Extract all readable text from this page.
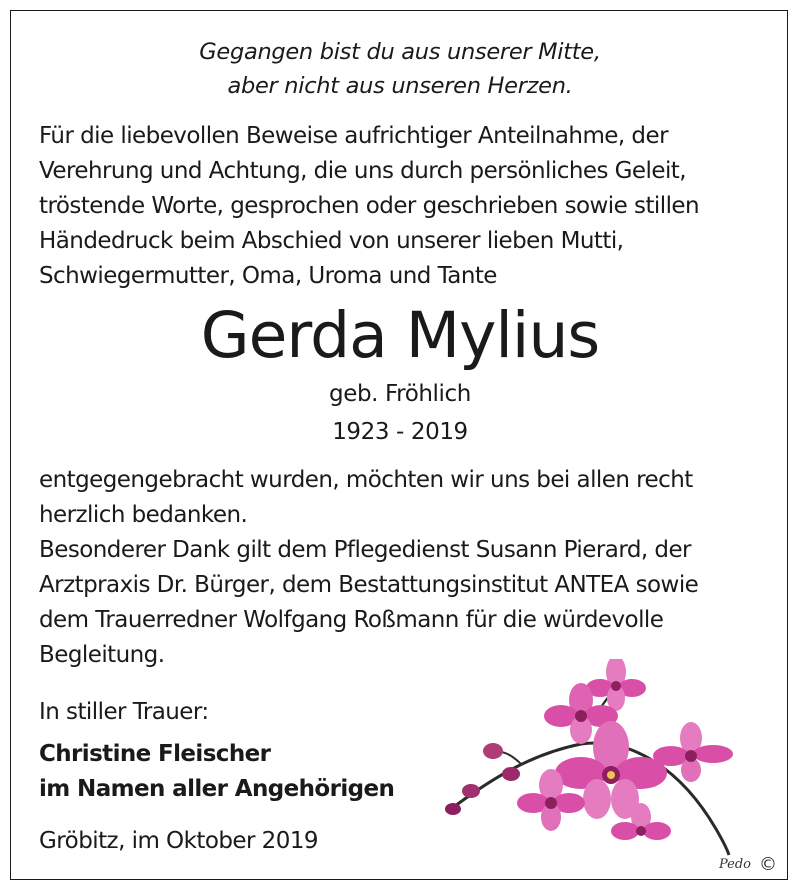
Gegangen bist du aus unserer Mitte,
aber nicht aus unseren Herzen.
Für die liebevollen Beweise aufrichtiger Anteilnahme, der
Verehrung und Achtung, die uns durch persönliches Geleit,
tröstende Worte, gesprochen oder geschrieben sowie stillen
Händedruck beim Abschied von unserer lieben Mutti,
Schwiegermutter, Oma, Uroma und Tante
Gerda Mylius
geb. Fröhlich
1923 - 2019
entgegengebracht wurden, möchten wir uns bei allen recht
herzlich bedanken.
Besonderer Dank gilt dem Pflegedienst Susann Pierard, der
Arztpraxis Dr. Bürger, dem Bestattungsinstitut ANTEA sowie
dem Trauerredner Wolfgang Roßmann für die würdevolle
Begleitung.
In stiller Trauer:
Christine Fleischer
im Namen aller Angehörigen
Gröbitz, im Oktober 2019
Pedo ©
